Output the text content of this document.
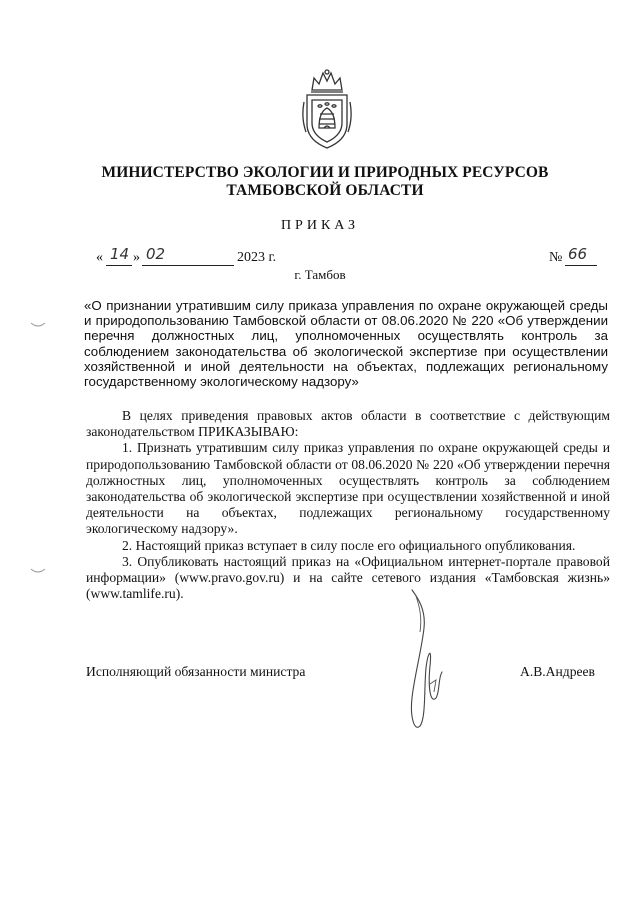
МИНИСТЕРСТВО ЭКОЛОГИИ И ПРИРОДНЫХ РЕСУРСОВ
ТАМБОВСКОЙ ОБЛАСТИ
ПРИКАЗ
« 14 » 02	2023 г.	№ 66
г. Тамбов
«О признании утратившим силу приказа управления по охране окружающей среды и природопользованию Тамбовской области от 08.06.2020 № 220 «Об утверждении перечня должностных лиц, уполномоченных осуществлять контроль за соблюдением законодательства об экологической экспертизе при осуществлении хозяйственной и иной деятельности на объектах, подлежащих региональному государственному экологическому надзору»

В целях приведения правовых актов области в соответствие с действующим законодательством ПРИКАЗЫВАЮ:

1. Признать утратившим силу приказ управления по охране окружающей среды и природопользованию Тамбовской области от 08.06.2020 № 220 «Об утверждении перечня должностных лиц, уполномоченных осуществлять контроль за соблюдением законодательства об экологической экспертизе при осуществлении хозяйственной и иной деятельности на объектах, подлежащих региональному государственному экологическому надзору».

2. Настоящий приказ вступает в силу после его официального опубликования.

3. Опубликовать настоящий приказ на «Официальном интернет-портале правовой информации» (www.pravo.gov.ru) и на сайте сетевого издания «Тамбовская жизнь» (www.tamlife.ru).

Исполняющий обязанности министра	А.В.Андреев
